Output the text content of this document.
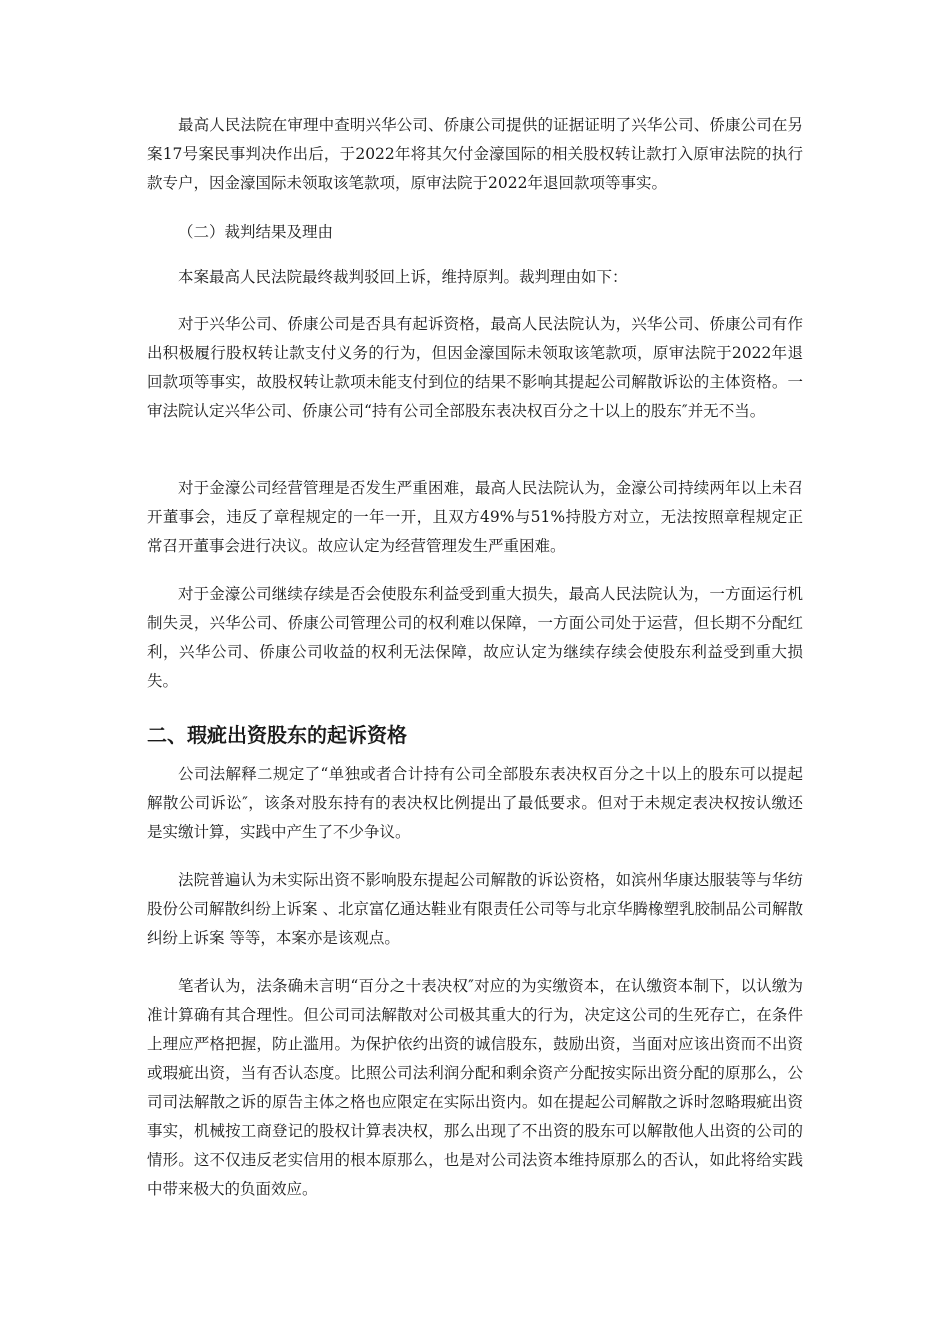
最高人民法院在审理中查明兴华公司、侨康公司提供的证据证明了兴华公司、侨康公司在另案17号案民事判决作出后，于2022年将其欠付金濠国际的相关股权转让款打入原审法院的执行款专户，因金濠国际未领取该笔款项，原审法院于2022年退回款项等事实。

（二）裁判结果及理由

本案最高人民法院最终裁判驳回上诉，维持原判。裁判理由如下：

对于兴华公司、侨康公司是否具有起诉资格，最高人民法院认为，兴华公司、侨康公司有作出积极履行股权转让款支付义务的行为，但因金濠国际未领取该笔款项，原审法院于2022年退回款项等事实，故股权转让款项未能支付到位的结果不影响其提起公司解散诉讼的主体资格。一审法院认定兴华公司、侨康公司“持有公司全部股东表决权百分之十以上的股东″并无不当。

对于金濠公司经营管理是否发生严重困难，最高人民法院认为，金濠公司持续两年以上未召开董事会，违反了章程规定的一年一开，且双方49%与51%持股方对立，无法按照章程规定正常召开董事会进行决议。故应认定为经营管理发生严重困难。

对于金濠公司继续存续是否会使股东利益受到重大损失，最高人民法院认为，一方面运行机制失灵，兴华公司、侨康公司管理公司的权利难以保障，一方面公司处于运营，但长期不分配红利，兴华公司、侨康公司收益的权利无法保障，故应认定为继续存续会使股东利益受到重大损失。

二、瑕疵出资股东的起诉资格

公司法解释二规定了“单独或者合计持有公司全部股东表决权百分之十以上的股东可以提起解散公司诉讼″，该条对股东持有的表决权比例提出了最低要求。但对于未规定表决权按认缴还是实缴计算，实践中产生了不少争议。

法院普遍认为未实际出资不影响股东提起公司解散的诉讼资格，如滨州华康达服装等与华纺股份公司解散纠纷上诉案 、北京富亿通达鞋业有限责任公司等与北京华腾橡塑乳胶制品公司解散纠纷上诉案 等等，本案亦是该观点。

笔者认为，法条确未言明“百分之十表决权″对应的为实缴资本，在认缴资本制下，以认缴为准计算确有其合理性。但公司司法解散对公司极其重大的行为，决定这公司的生死存亡，在条件上理应严格把握，防止滥用。为保护依约出资的诚信股东，鼓励出资，当面对应该出资而不出资或瑕疵出资，当有否认态度。比照公司法利润分配和剩余资产分配按实际出资分配的原那么，公司司法解散之诉的原告主体之格也应限定在实际出资内。如在提起公司解散之诉时忽略瑕疵出资事实，机械按工商登记的股权计算表决权，那么出现了不出资的股东可以解散他人出资的公司的情形。这不仅违反老实信用的根本原那么，也是对公司法资本维持原那么的否认，如此将给实践中带来极大的负面效应。
